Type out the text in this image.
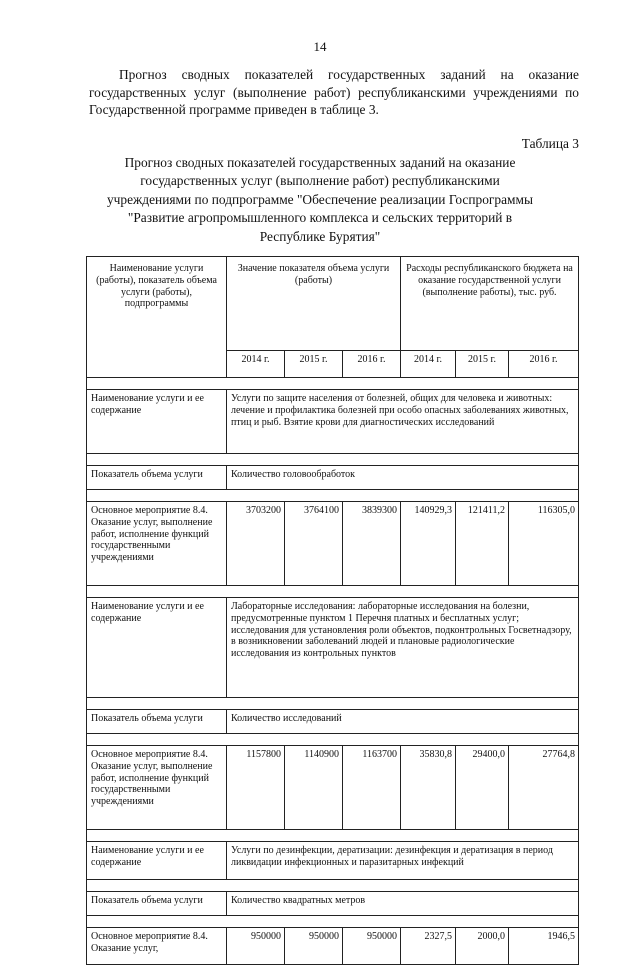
14

Прогноз сводных показателей государственных заданий на оказание государственных услуг (выполнение работ) республиканскими учреждениями по Государственной программе приведен в таблице 3.

Таблица 3
Прогноз сводных показателей государственных заданий на оказание государственных услуг (выполнение работ) республиканскими учреждениями по подпрограмме "Обеспечение реализации Госпрограммы "Развитие агропромышленного комплекса и сельских территорий в Республике Бурятия"
Наименование услуги (работы), показатель объема услуги (работы), подпрограммы	Значение показателя объема услуги (работы)			Расходы республиканского бюджета на оказание государственной услуги (выполнение работы), тыс. руб.		
	2014 г.	2015 г.	2016 г.	2014 г.	2015 г.	2016 г.

Наименование услуги и ее содержание	Услуги по защите населения от болезней, общих для человека и животных: лечение и профилактика болезней при особо опасных заболеваниях животных, птиц и рыб. Взятие крови для диагностических исследований					

Показатель объема услуги	Количество головообработок					

Основное мероприятие 8.4. Оказание услуг, выполнение работ, исполнение функций государственными учреждениями	3703200	3764100	3839300	140929,3	121411,2	116305,0

Наименование услуги и ее содержание	Лабораторные исследования: лабораторные исследования на болезни, предусмотренные пунктом 1 Перечня платных и бесплатных услуг; исследования для установления роли объектов, подконтрольных Госветнадзору, в возникновении заболеваний людей и плановые радиологические исследования из контрольных пунктов					

Показатель объема услуги	Количество исследований					

Основное мероприятие 8.4. Оказание услуг, выполнение работ, исполнение функций государственными учреждениями	1157800	1140900	1163700	35830,8	29400,0	27764,8

Наименование услуги и ее содержание	Услуги по дезинфекции, дератизации: дезинфекция и дератизация в период ликвидации инфекционных и паразитарных инфекций					

Показатель объема услуги	Количество квадратных метров					

Основное мероприятие 8.4. Оказание услуг,	950000	950000	950000	2327,5	2000,0	1946,5
